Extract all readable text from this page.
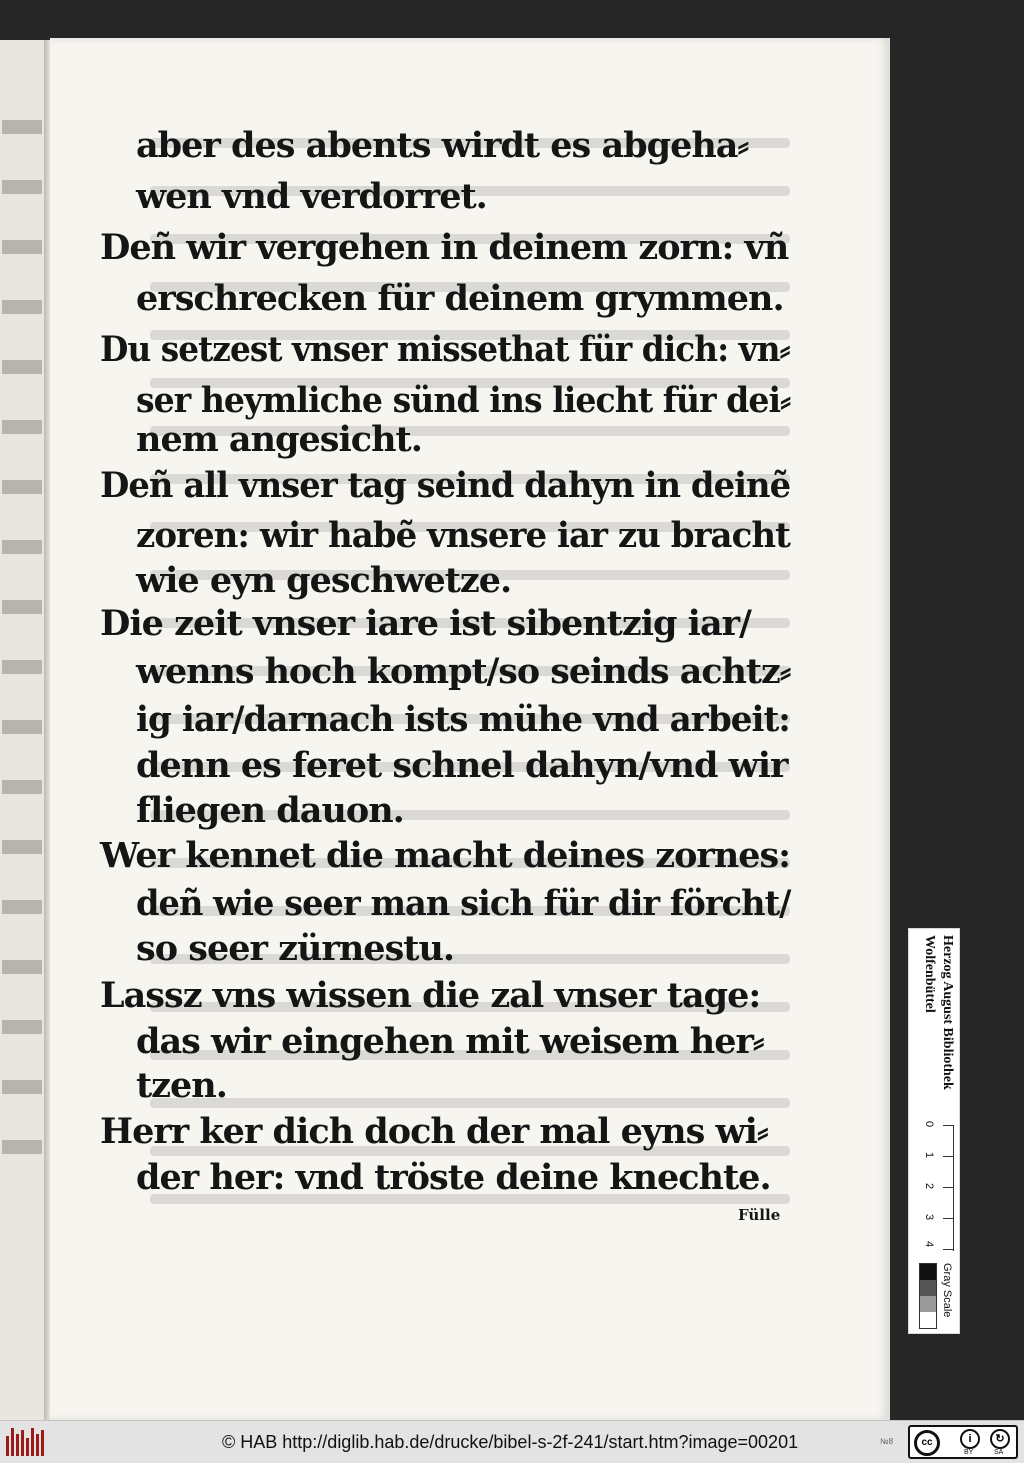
aber des abents wirdt es abgeha⸗
wen vnd verdorret.
Deñ wir vergehen in deinem zorn: vñ
erschrecken für deinem grymmen.
Du setzest vnser missethat für dich: vn⸗
ser heymliche sünd ins liecht für dei⸗
nem angesicht.
Deñ all vnser tag seind dahyn in deinẽ
zoren: wir habẽ vnsere iar zu bracht
wie eyn geschwetze.
Die zeit vnser iare ist sibentzig iar/
wenns hoch kompt/so seinds achtz⸗
ig iar/darnach ists mühe vnd arbeit:
denn es feret schnel dahyn/vnd wir
fliegen dauon.
Wer kennet die macht deines zornes:
deñ wie seer man sich für dir förcht/
so seer zürnestu.
Lassz vns wissen die zal vnser tage:
das wir eingehen mit weisem her⸗
tzen.
Herr ker dich doch der mal eyns wi⸗
der her: vnd tröste deine knechte.
Fülle
Herzog August Bibliothek
Wolfenbüttel
0
1
2
3
4
Gray Scale
© HAB http://diglib.hab.de/drucke/bibel-s-2f-241/start.htm?image=00201	№8	cc	i	↻
BY	SA
